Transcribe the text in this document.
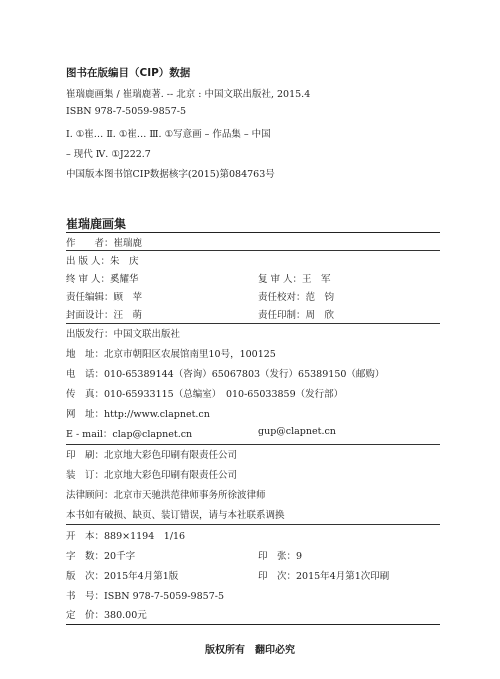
图书在版编目（CIP）数据
崔瑞鹿画集 / 崔瑞鹿著. -- 北京 : 中国文联出版社, 2015.4
ISBN 978-7-5059-9857-5
Ⅰ. ①崔… Ⅱ. ①崔… Ⅲ. ①写意画 – 作品集 – 中国
– 现代 Ⅳ. ①J222.7
中国版本图书馆CIP数据核字(2015)第084763号
崔瑞鹿画集
作　　者：崔瑞鹿
出 版 人：朱　庆
终 审 人：奚耀华	复 审 人：王　军
责任编辑：顾　苹	责任校对：范　钧
封面设计：汪　萌	责任印制：周　欣
出版发行：中国文联出版社
地　址：北京市朝阳区农展馆南里10号，100125
电　话：010-65389144（咨询）65067803（发行）65389150（邮购）
传　真：010-65933115（总编室）　010-65033859（发行部）
网　址：http://www.clapnet.cn
E - mail：clap@clapnet.cn	gup@clapnet.cn
印　刷：北京地大彩色印刷有限责任公司
装　订：北京地大彩色印刷有限责任公司
法律顾问：北京市天驰洪范律师事务所徐波律师
本书如有破损、缺页、装订错误，请与本社联系调换
开　本：889×1194　1/16
字　数：20千字	印　张：9
版　次：2015年4月第1版	印　次：2015年4月第1次印刷
书　号：ISBN 978-7-5059-9857-5
定　价：380.00元
版权所有　翻印必究
